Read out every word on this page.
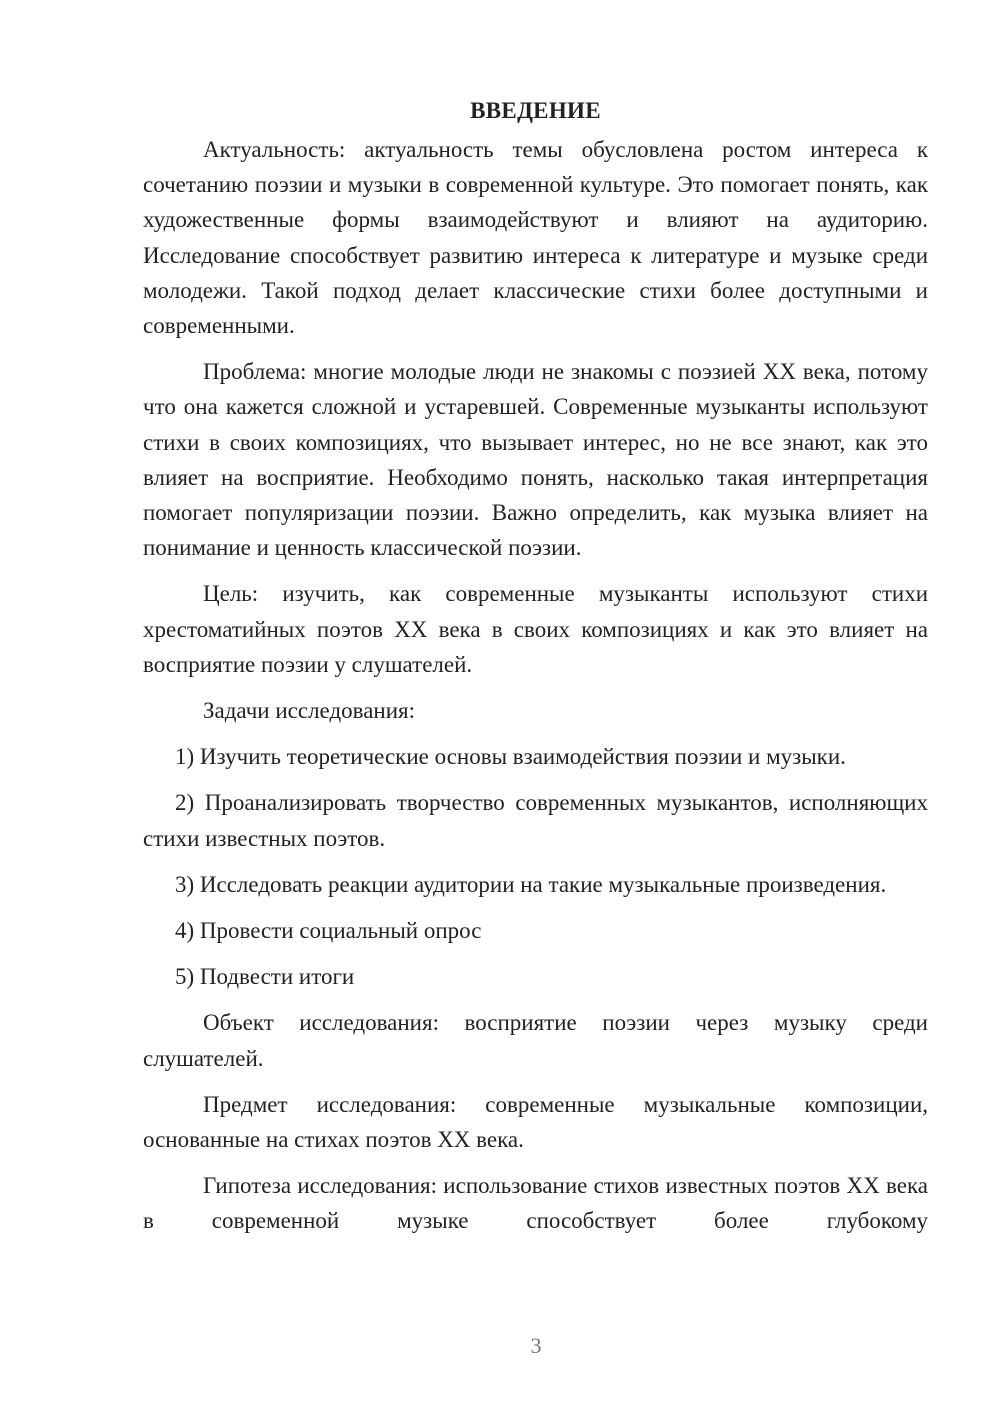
ВВЕДЕНИЕ

Актуальность: актуальность темы обусловлена ростом интереса к сочетанию поэзии и музыки в современной культуре. Это помогает понять, как художественные формы взаимодействуют и влияют на аудиторию. Исследование способствует развитию интереса к литературе и музыке среди молодежи. Такой подход делает классические стихи более доступными и современными.

Проблема: многие молодые люди не знакомы с поэзией XX века, потому что она кажется сложной и устаревшей. Современные музыканты используют стихи в своих композициях, что вызывает интерес, но не все знают, как это влияет на восприятие. Необходимо понять, насколько такая интерпретация помогает популяризации поэзии. Важно определить, как музыка влияет на понимание и ценность классической поэзии.

Цель: изучить, как современные музыканты используют стихи хрестоматийных поэтов XX века в своих композициях и как это влияет на восприятие поэзии у слушателей.

Задачи исследования:

1) Изучить теоретические основы взаимодействия поэзии и музыки.

2) Проанализировать творчество современных музыкантов, исполняющих стихи известных поэтов.

3) Исследовать реакции аудитории на такие музыкальные произведения.

4) Провести социальный опрос

5) Подвести итоги

Объект исследования: восприятие поэзии через музыку среди слушателей.

Предмет исследования: современные музыкальные композиции, основанные на стихах поэтов XX века.

Гипотеза исследования: использование стихов известных поэтов XX века в современной музыке способствует более глубокому

3
